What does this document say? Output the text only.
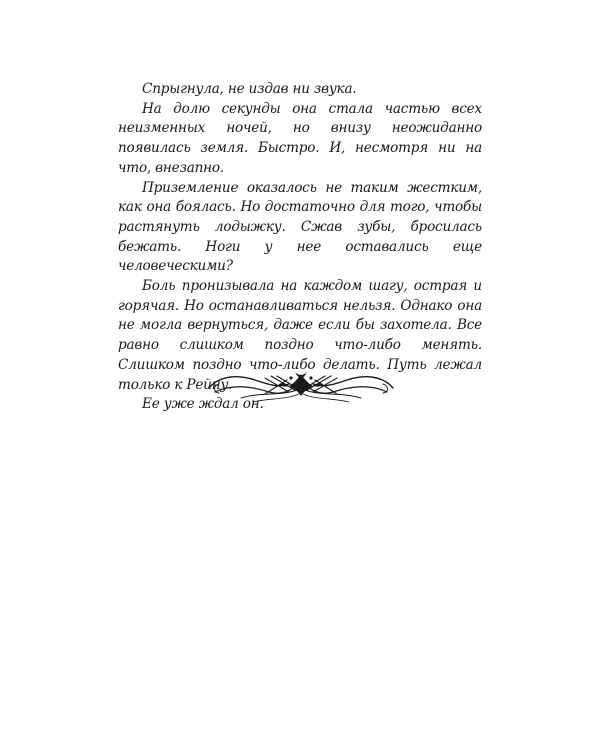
Спрыгнула, не издав ни звука.

На долю секунды она стала частью всех неизменных ночей, но внизу неожиданно появилась земля. Быстро. И, несмотря ни на что, внезапно.

Приземление оказалось не таким жестким, как она боялась. Но достаточно для того, чтобы растянуть лодыжку. Сжав зубы, бросилась бежать. Ноги у нее оставались еще человеческими?

Боль пронизывала на каждом шагу, острая и горячая. Но останавливаться нельзя. Однако она не могла вернуться, даже если бы захотела. Все равно слишком поздно что-либо менять. Слишком поздно что-либо делать. Путь лежал только к Рейну.

Ее уже ждал он.
